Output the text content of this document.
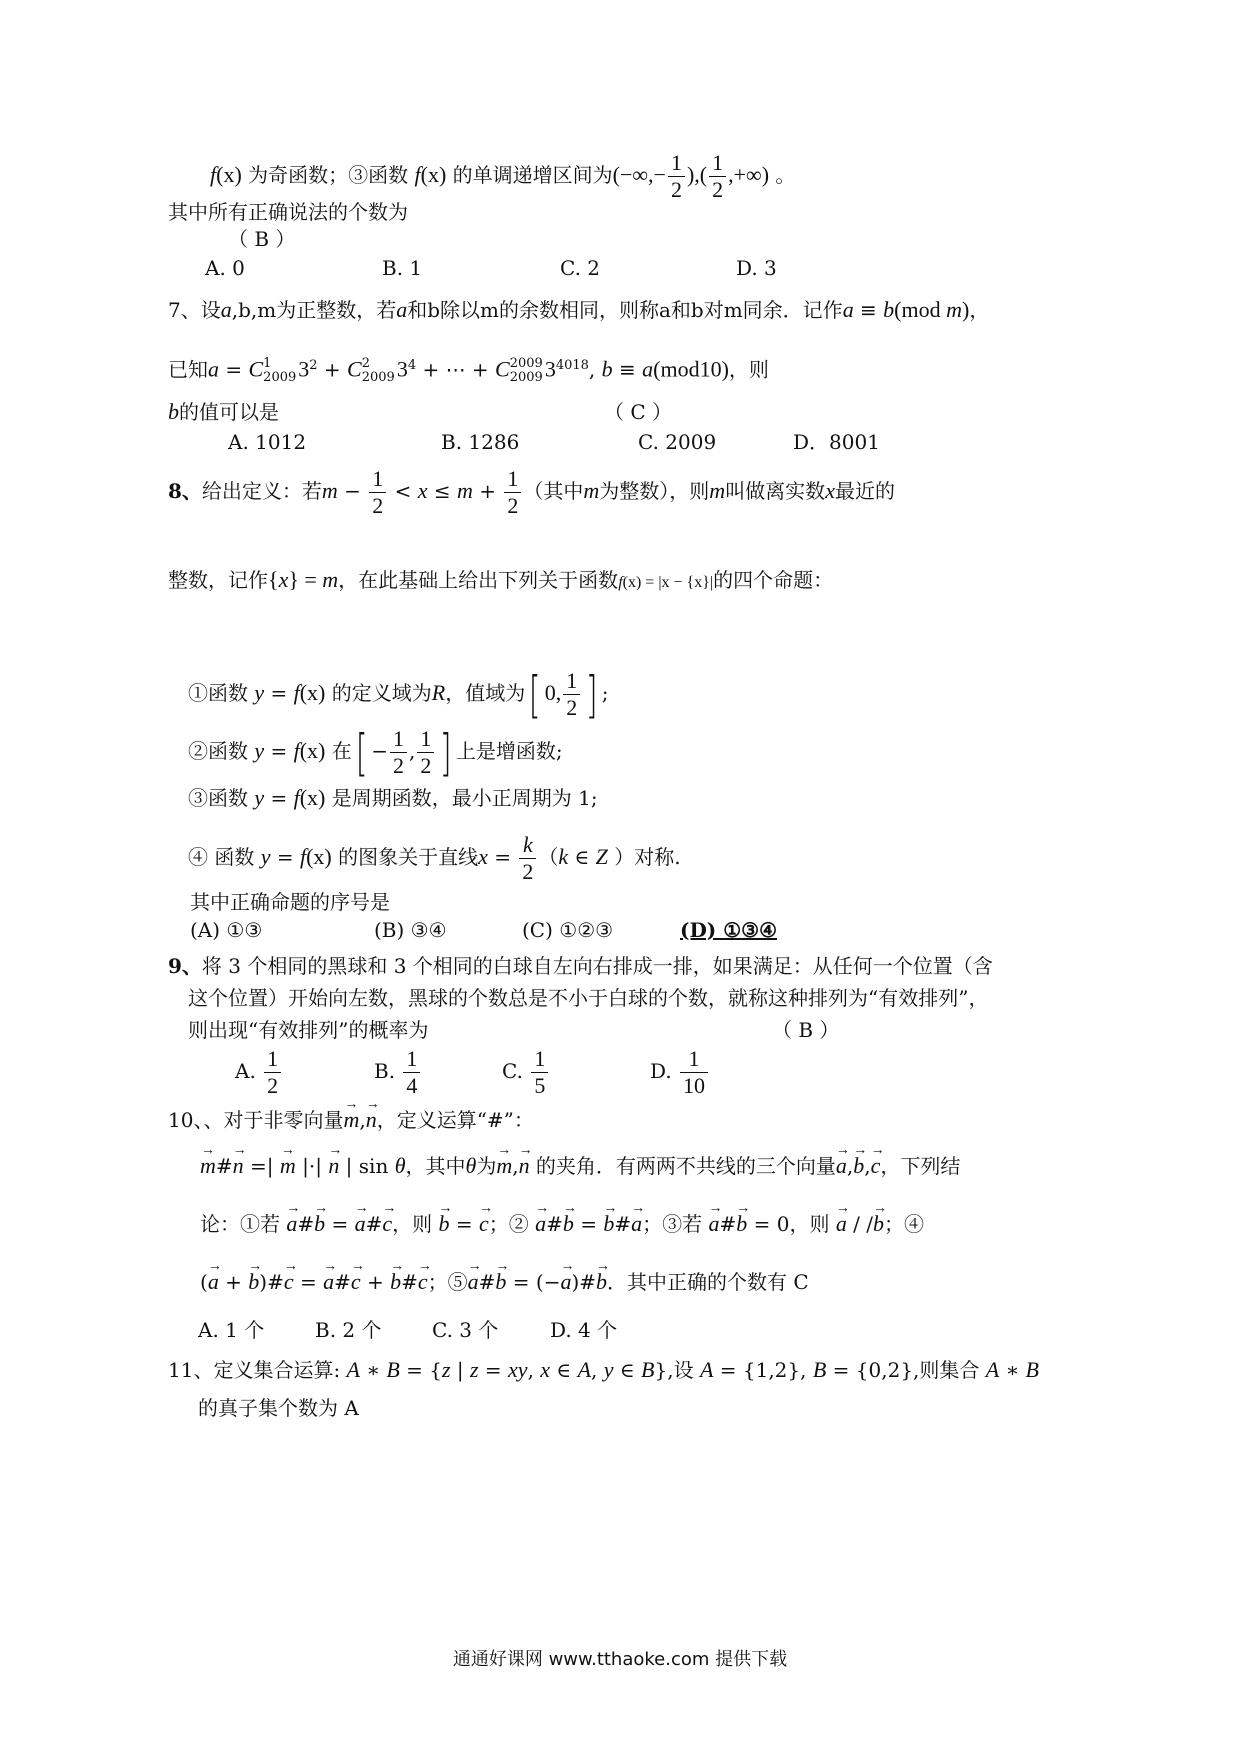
f(x) 为奇函数；③函数 f(x) 的单调递增区间为(−∞,− $\frac{1}{2}$ ),( $\frac{1}{2}$ ,+∞) 。
其中所有正确说法的个数为
（ B ）
A. 0	B. 1	C. 2	D. 3
7、设a,b,m为正整数，若a和b除以m的余数相同，则称a和b对m同余．记作a ≡ b(mod m)，
已知a = C 1
2009 $3^2 + C$ 2
2009 $3^4$ + ⋯ + C 2009
2009 $3^{4018}$, b ≡ a(mod10)，则
b的值可以是	（ C ）
A. 1012	B. 1286	C. 2009	D．8001
8、给出定义：若$m - \frac{1}{2} < x \le m + \frac{1}{2}$ （其中m为整数），则m叫做离实数x最近的
整数，记作{x} = m，在此基础上给出下列关于函数f(x) = |x − {x}|的四个命题：
①函数 y = f(x) 的定义域为R，值域为[ 0, $\frac{1}{2}$ ] ;
②函数 y = f(x) 在[ − $\frac{1}{2}$ , $\frac{1}{2}$ ] 上是增函数;
③函数 y = f(x) 是周期函数，最小正周期为 1;
④ 函数 y = f(x) 的图象关于直线$x = \frac{k}{2} (k$ ∈ Z ）对称.
其中正确命题的序号是
(A) ①③	(B) ③④	(C) ①②③	(D) ①③④
9、将 3 个相同的黑球和 3 个相同的白球自左向右排成一排，如果满足：从任何一个位置（含
这个位置）开始向左数，黑球的个数总是不小于白球的个数，就称这种排列为“有效排列”，
则出现“有效排列”的概率为	（ B ）
A. $\frac{1}{2}$	B. $\frac{1}{4}$	C. $\frac{1}{5}$	D. $\frac{1}{10}$
10、、对于非零向量→ m,→ n，定义运算“#”：
→ m#→ n =| → m |·| → n | sin θ，其中θ为→ m,→ n 的夹角．有两两不共线的三个向量→ a,→ b,→ c，下列结
论：①若 → a#→ b = → a#→ c，则 → b = → c；② → a#→ b = → b#→ a；③若 → a#→ b = 0，则 → a / /→ b；④
(→ a + → b)#→ c = → a#→ c + → b#→ c；⑤→ a#→ b = (−→ a)#→ b．其中正确的个数有 C
A. 1 个	B. 2 个	C. 3 个	D. 4 个
11、定义集合运算: A ∗ B = {z | z = xy, x ∈ A, y ∈ B},设 A = {1,2}, B = {0,2},则集合 A ∗ B
的真子集个数为 A
通通好课网 www.tthaoke.com 提供下载
